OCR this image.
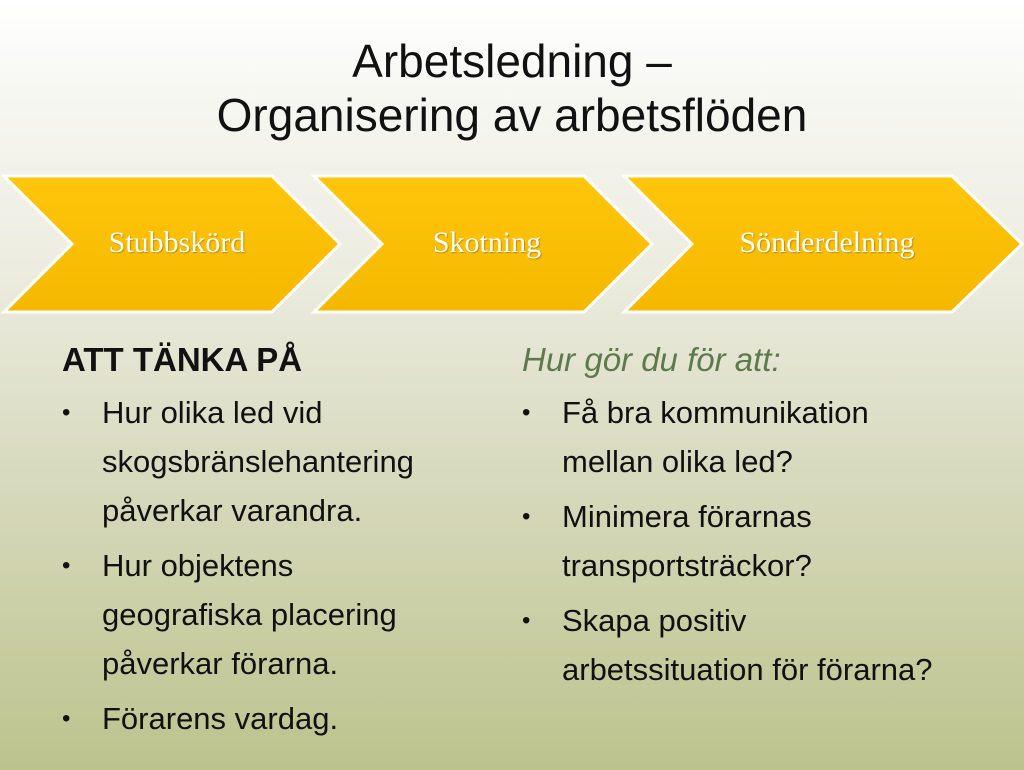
Arbetsledning –
Organisering av arbetsflöden
Stubbskörd	Skotning	Sönderdelning
ATT TÄNKA PÅ
• Hur olika led vid
skogsbränslehantering
påverkar varandra.
• Hur objektens
geografiska placering
påverkar förarna.
• Förarens vardag.
Hur gör du för att:
• Få bra kommunikation
mellan olika led?
• Minimera förarnas
transportsträckor?
• Skapa positiv
arbetssituation för förarna?
